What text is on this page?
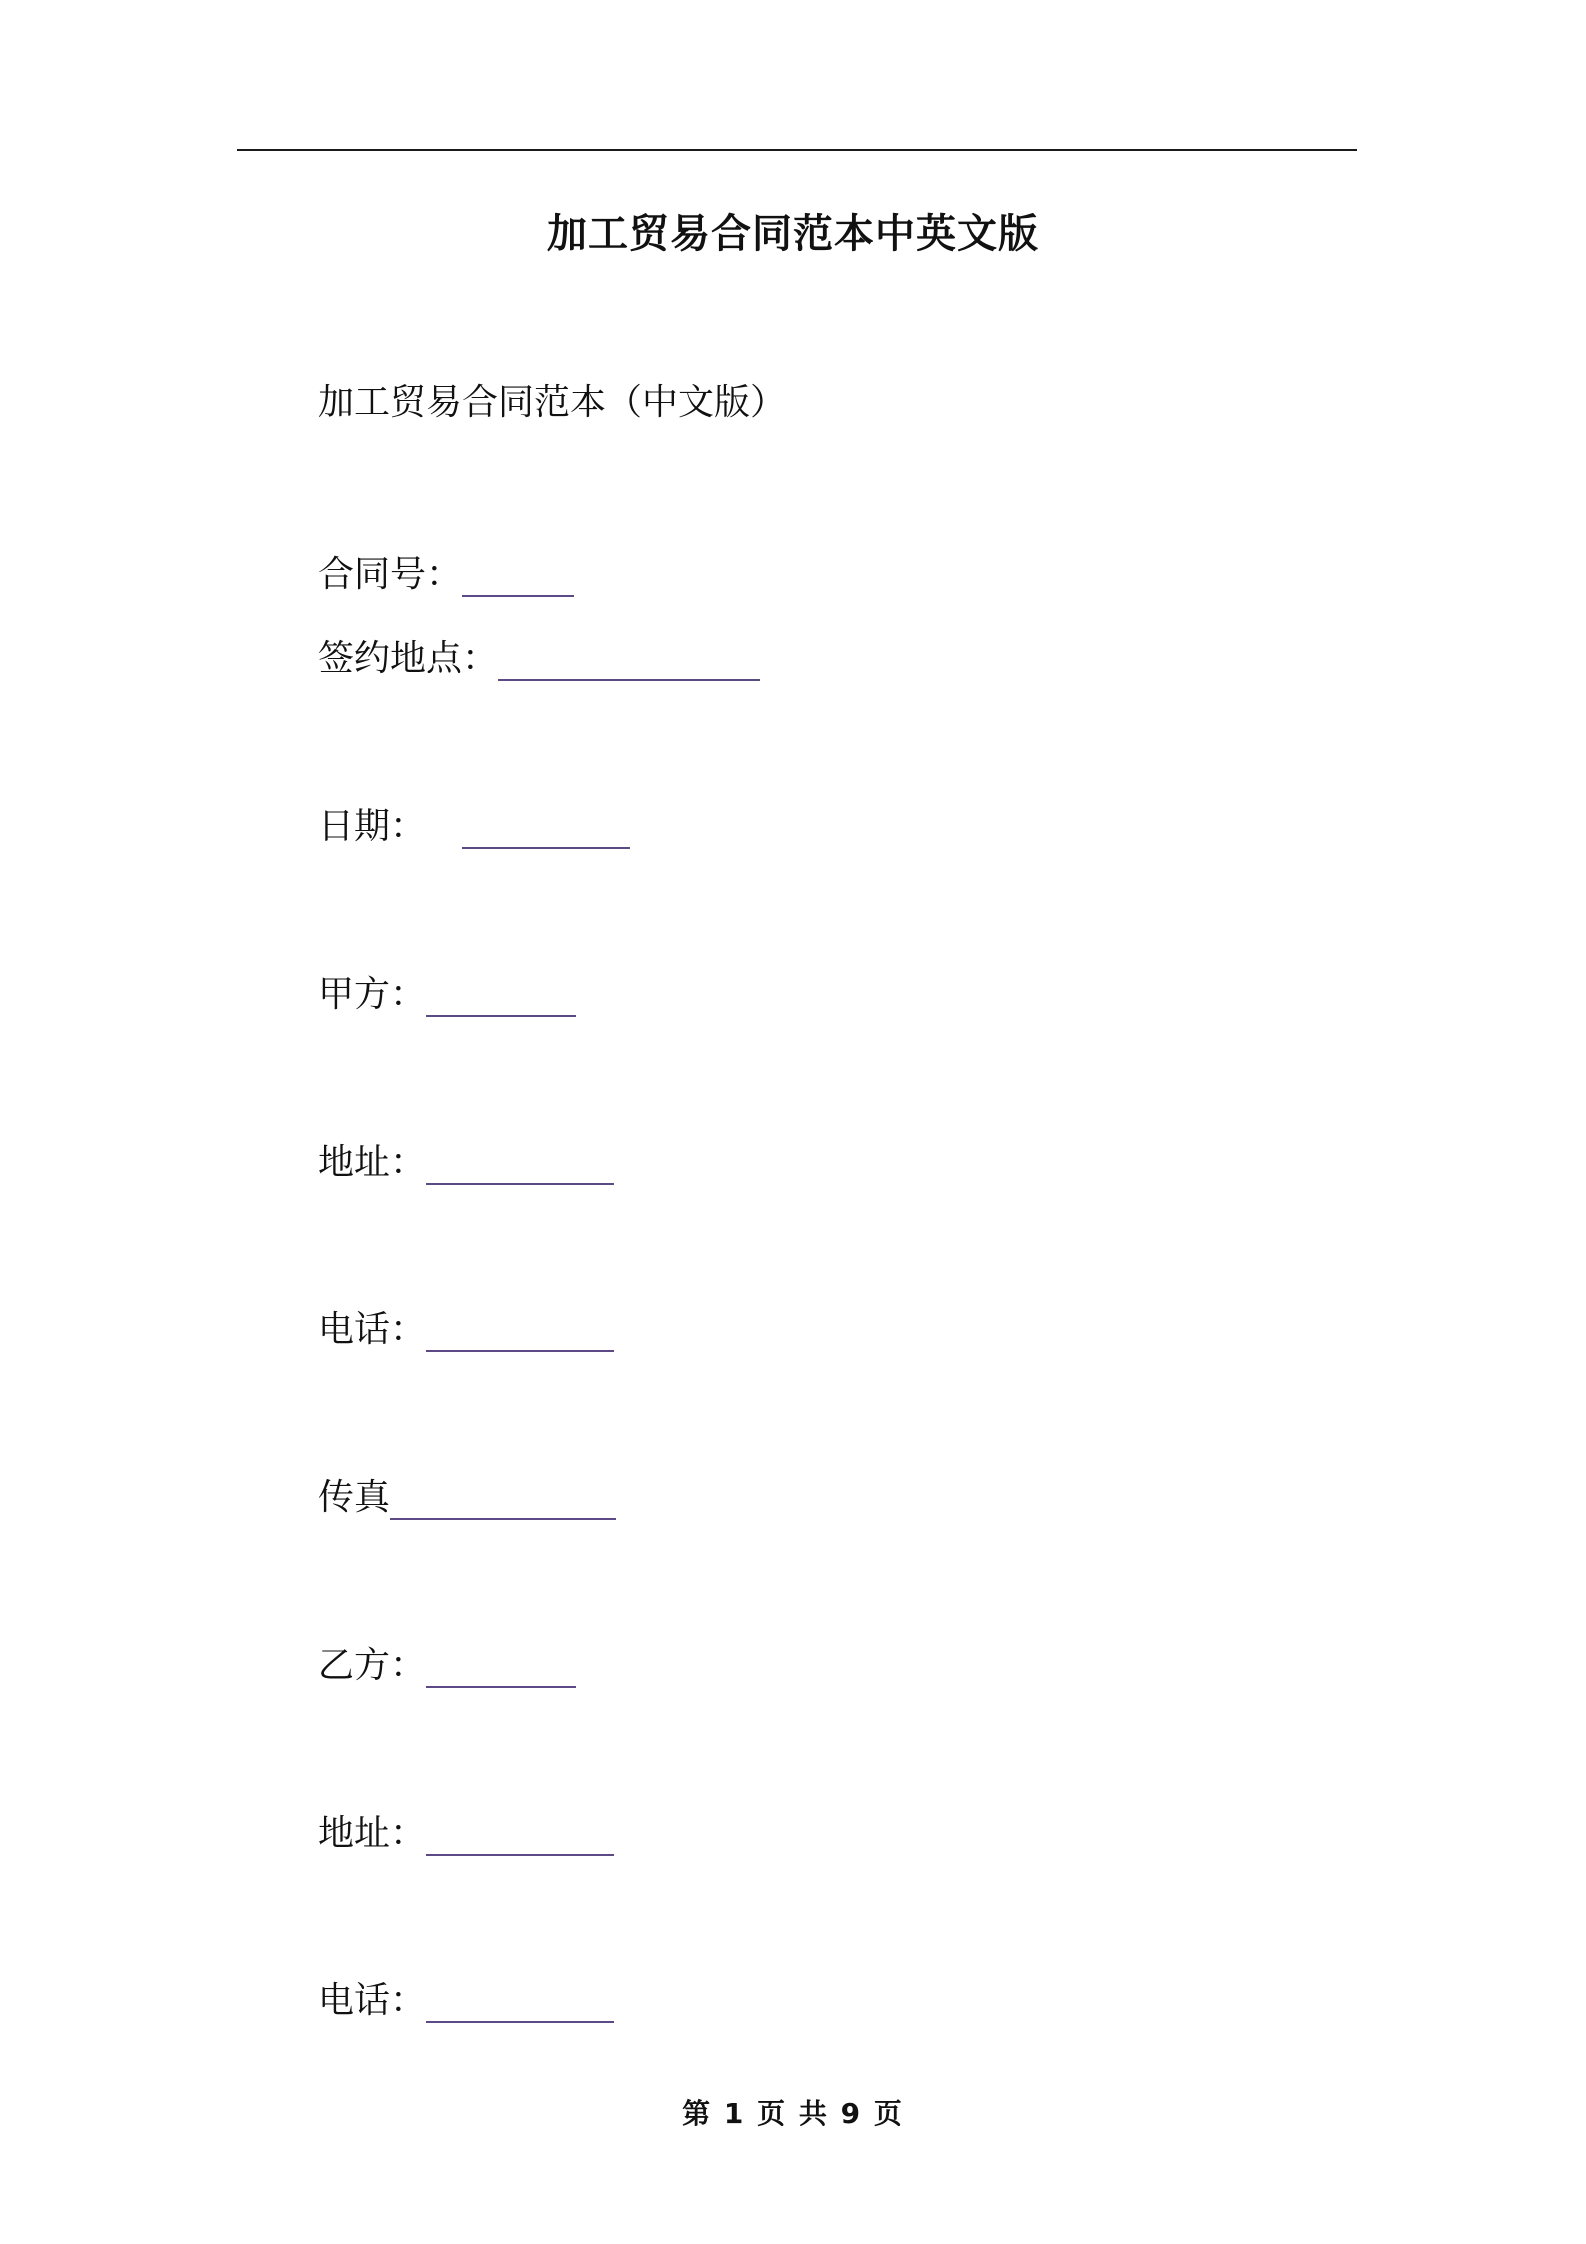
加工贸易合同范本中英文版
加工贸易合同范本（中文版）
合同号：
签约地点：
日期：
甲方：
地址：
电话：
传真
乙方：
地址：
电话：
第 1 页 共 9 页
